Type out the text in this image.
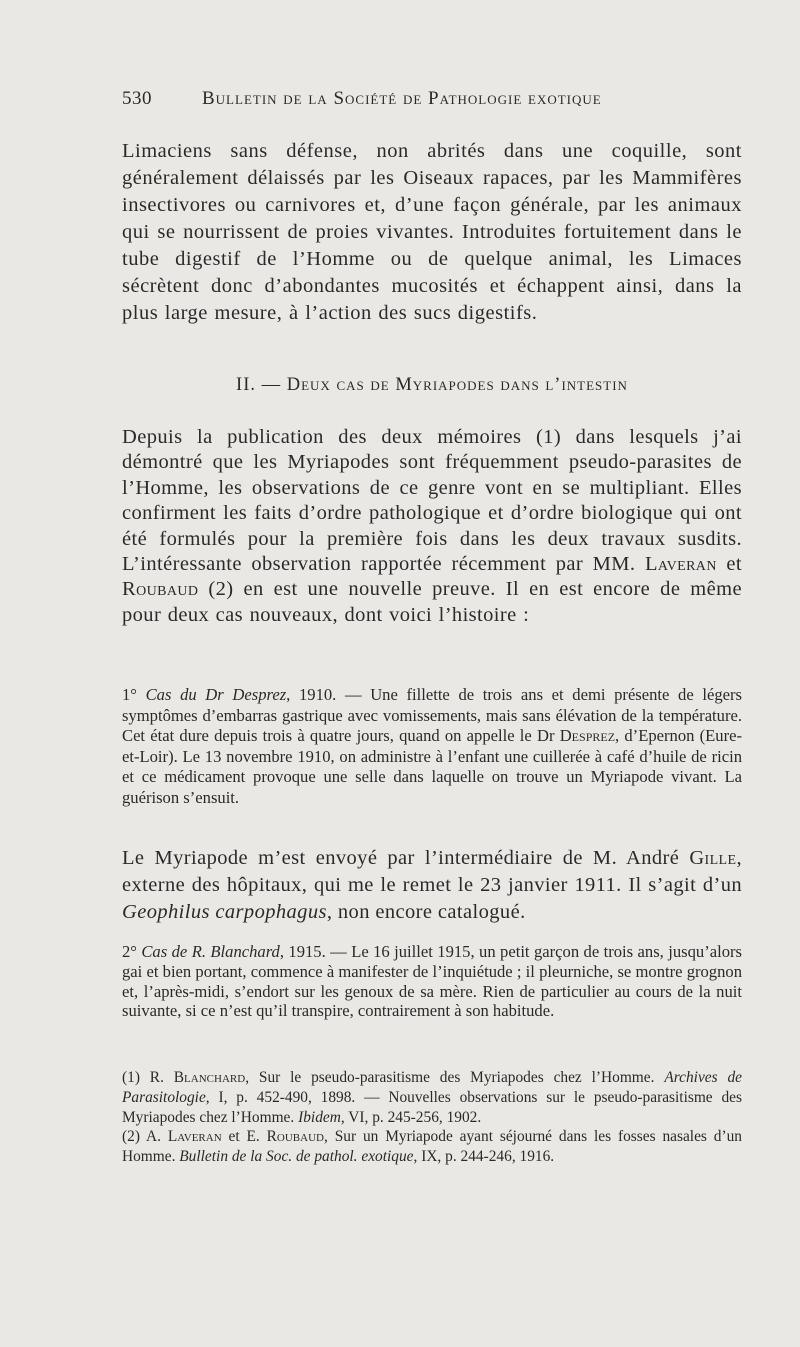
530	Bulletin de la Société de Pathologie exotique

Limaciens sans défense, non abrités dans une coquille, sont généralement délaissés par les Oiseaux rapaces, par les Mammifères insectivores ou carnivores et, d’une façon générale, par les animaux qui se nourrissent de proies vivantes. Introduites fortuitement dans le tube digestif de l’Homme ou de quelque animal, les Limaces sécrètent donc d’abondantes mucosités et échappent ainsi, dans la plus large mesure, à l’action des sucs digestifs.

II. — Deux cas de Myriapodes dans l’intestin

Depuis la publication des deux mémoires (1) dans lesquels j’ai démontré que les Myriapodes sont fréquemment pseudo-parasites de l’Homme, les observations de ce genre vont en se multipliant. Elles confirment les faits d’ordre pathologique et d’ordre biologique qui ont été formulés pour la première fois dans les deux travaux susdits. L’intéressante observation rapportée récemment par MM. Laveran et Roubaud (2) en est une nouvelle preuve. Il en est encore de même pour deux cas nouveaux, dont voici l’histoire :

1° Cas du Dr Desprez, 1910. — Une fillette de trois ans et demi présente de légers symptômes d’embarras gastrique avec vomissements, mais sans élévation de la température. Cet état dure depuis trois à quatre jours, quand on appelle le Dr Desprez, d’Epernon (Eure-et-Loir). Le 13 novembre 1910, on administre à l’enfant une cuillerée à café d’huile de ricin et ce médicament provoque une selle dans laquelle on trouve un Myriapode vivant. La guérison s’ensuit.

Le Myriapode m’est envoyé par l’intermédiaire de M. André Gille, externe des hôpitaux, qui me le remet le 23 janvier 1911. Il s’agit d’un Geophilus carpophagus, non encore catalogué.

2° Cas de R. Blanchard, 1915. — Le 16 juillet 1915, un petit garçon de trois ans, jusqu’alors gai et bien portant, commence à manifester de l’inquiétude ; il pleurniche, se montre grognon et, l’après-midi, s’endort sur les genoux de sa mère. Rien de particulier au cours de la nuit suivante, si ce n’est qu’il transpire, contrairement à son habitude.

(1) R. Blanchard, Sur le pseudo-parasitisme des Myriapodes chez l’Homme. Archives de Parasitologie, I, p. 452-490, 1898. — Nouvelles observations sur le pseudo-parasitisme des Myriapodes chez l’Homme. Ibidem, VI, p. 245-256, 1902.

(2) A. Laveran et E. Roubaud, Sur un Myriapode ayant séjourné dans les fosses nasales d’un Homme. Bulletin de la Soc. de pathol. exotique, IX, p. 244-246, 1916.
